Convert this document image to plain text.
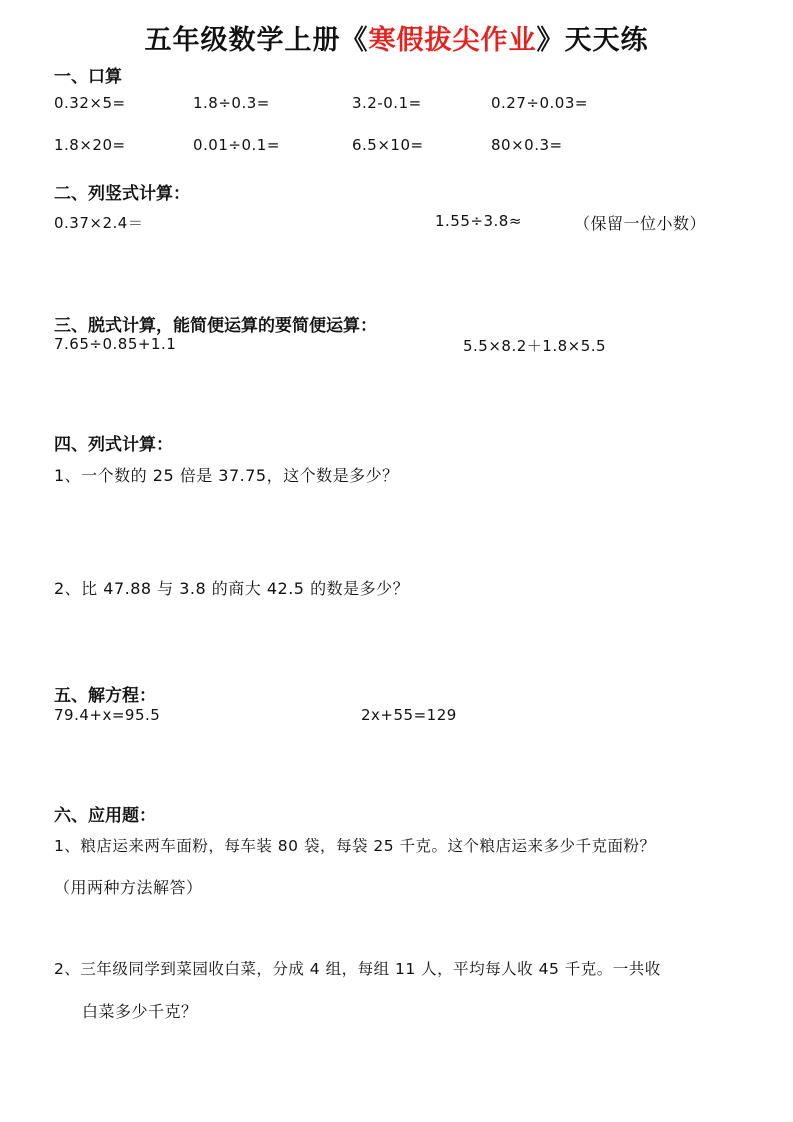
五年级数学上册《寒假拔尖作业》天天练
一、口算
0.32×5=	1.8÷0.3=	3.2-0.1=	0.27÷0.03=
1.8×20=	0.01÷0.1=	6.5×10=	80×0.3=
二、列竖式计算：
0.37×2.4＝	1.55÷3.8≈	（保留一位小数）
三、脱式计算，能简便运算的要简便运算：
7.65÷0.85+1.1	5.5×8.2＋1.8×5.5
四、列式计算：
1、一个数的 25 倍是 37.75，这个数是多少？
2、比 47.88 与 3.8 的商大 42.5 的数是多少？
五、解方程：
79.4+x=95.5	2x+55=129
六、应用题：
1、粮店运来两车面粉，每车装 80 袋，每袋 25 千克。这个粮店运来多少千克面粉？
（用两种方法解答）
2、三年级同学到菜园收白菜，分成 4 组，每组 11 人，平均每人收 45 千克。一共收
白菜多少千克？
